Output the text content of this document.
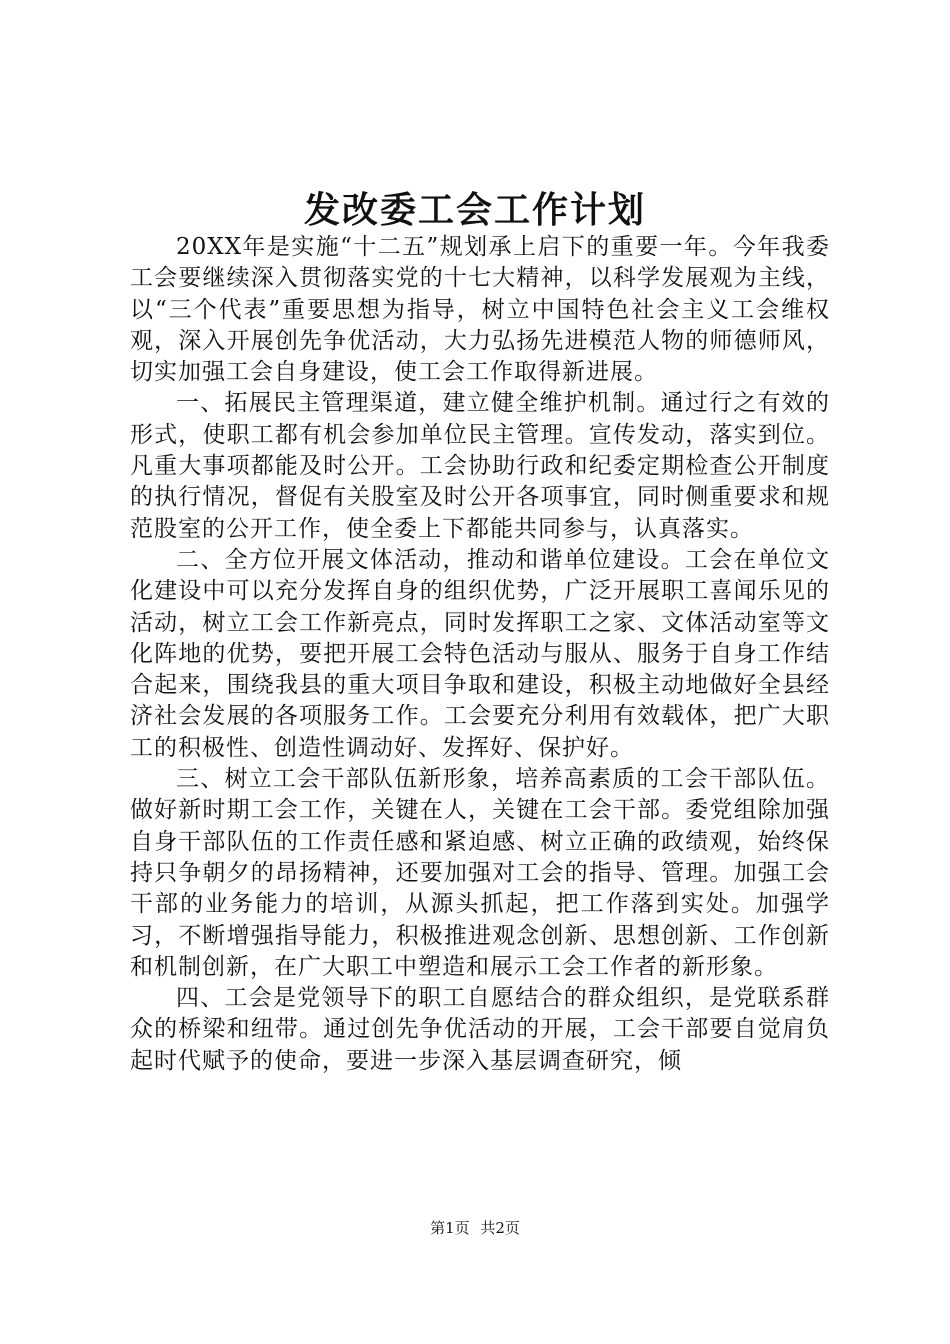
发改委工会工作计划

20XX年是实施“十二五”规划承上启下的重要一年。今年我委工会要继续深入贯彻落实党的十七大精神，以科学发展观为主线，以“三个代表”重要思想为指导，树立中国特色社会主义工会维权观，深入开展创先争优活动，大力弘扬先进模范人物的师德师风，切实加强工会自身建设，使工会工作取得新进展。

一、拓展民主管理渠道，建立健全维护机制。通过行之有效的形式，使职工都有机会参加单位民主管理。宣传发动，落实到位。凡重大事项都能及时公开。工会协助行政和纪委定期检查公开制度的执行情况，督促有关股室及时公开各项事宜，同时侧重要求和规范股室的公开工作，使全委上下都能共同参与，认真落实。

二、全方位开展文体活动，推动和谐单位建设。工会在单位文化建设中可以充分发挥自身的组织优势，广泛开展职工喜闻乐见的活动，树立工会工作新亮点，同时发挥职工之家、文体活动室等文化阵地的优势，要把开展工会特色活动与服从、服务于自身工作结合起来，围绕我县的重大项目争取和建设，积极主动地做好全县经济社会发展的各项服务工作。工会要充分利用有效载体，把广大职工的积极性、创造性调动好、发挥好、保护好。

三、树立工会干部队伍新形象，培养高素质的工会干部队伍。做好新时期工会工作，关键在人，关键在工会干部。委党组除加强自身干部队伍的工作责任感和紧迫感、树立正确的政绩观，始终保持只争朝夕的昂扬精神，还要加强对工会的指导、管理。加强工会干部的业务能力的培训，从源头抓起，把工作落到实处。加强学习，不断增强指导能力，积极推进观念创新、思想创新、工作创新和机制创新，在广大职工中塑造和展示工会工作者的新形象。

四、工会是党领导下的职工自愿结合的群众组织，是党联系群众的桥梁和纽带。通过创先争优活动的开展，工会干部要自觉肩负起时代赋予的使命，要进一步深入基层调查研究，倾

第1页 共2页
